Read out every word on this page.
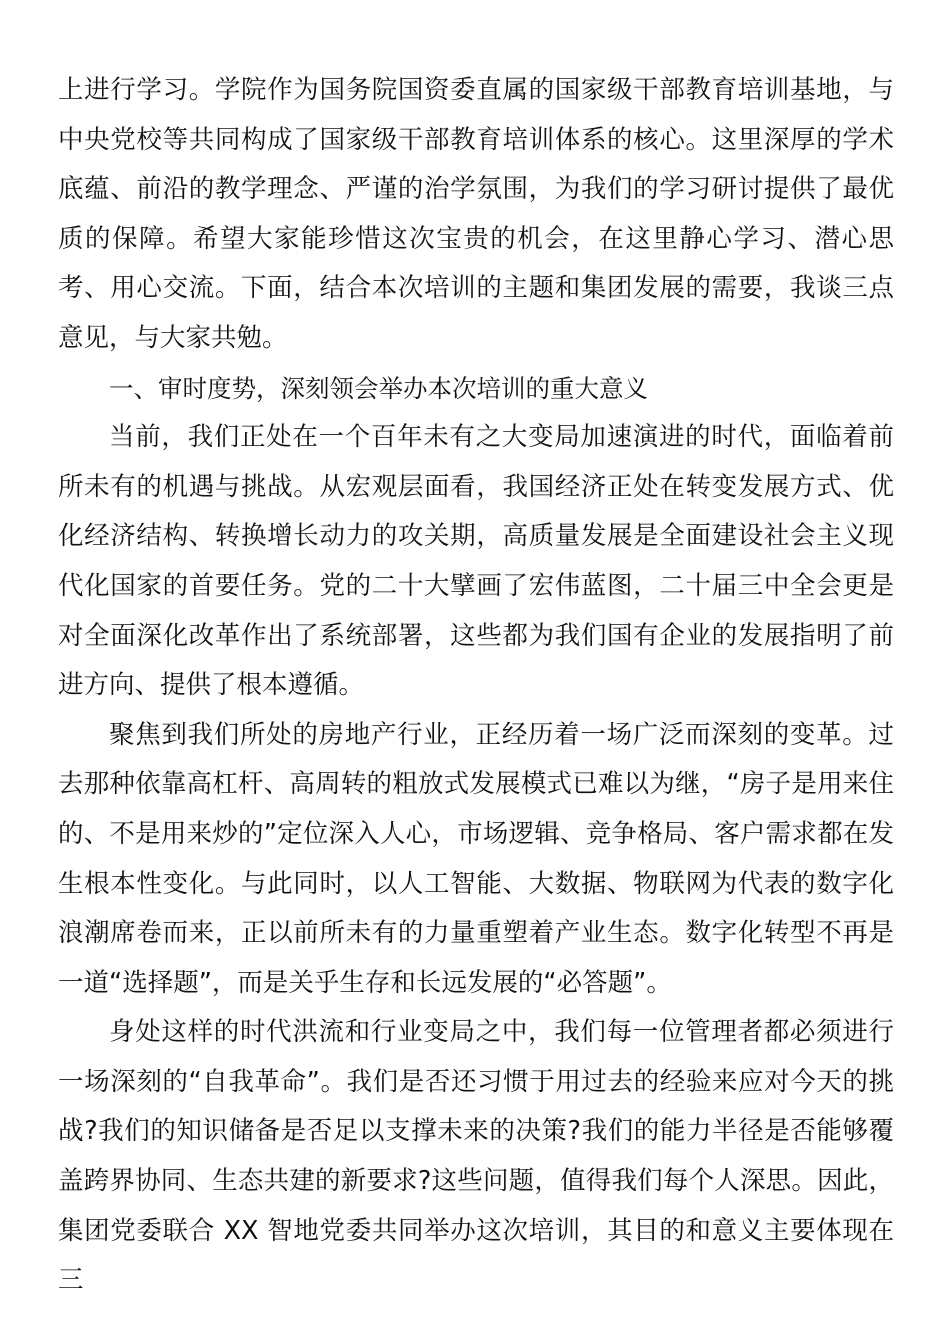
上进行学习。学院作为国务院国资委直属的国家级干部教育培训基地，与中央党校等共同构成了国家级干部教育培训体系的核心。这里深厚的学术底蕴、前沿的教学理念、严谨的治学氛围，为我们的学习研讨提供了最优质的保障。希望大家能珍惜这次宝贵的机会，在这里静心学习、潜心思考、用心交流。下面，结合本次培训的主题和集团发展的需要，我谈三点意见，与大家共勉。

一、审时度势，深刻领会举办本次培训的重大意义

当前，我们正处在一个百年未有之大变局加速演进的时代，面临着前所未有的机遇与挑战。从宏观层面看，我国经济正处在转变发展方式、优化经济结构、转换增长动力的攻关期，高质量发展是全面建设社会主义现代化国家的首要任务。党的二十大擘画了宏伟蓝图，二十届三中全会更是对全面深化改革作出了系统部署，这些都为我们国有企业的发展指明了前进方向、提供了根本遵循。

聚焦到我们所处的房地产行业，正经历着一场广泛而深刻的变革。过去那种依靠高杠杆、高周转的粗放式发展模式已难以为继，“房子是用来住的、不是用来炒的”定位深入人心，市场逻辑、竞争格局、客户需求都在发生根本性变化。与此同时，以人工智能、大数据、物联网为代表的数字化浪潮席卷而来，正以前所未有的力量重塑着产业生态。数字化转型不再是一道“选择题”，而是关乎生存和长远发展的“必答题”。

身处这样的时代洪流和行业变局之中，我们每一位管理者都必须进行一场深刻的“自我革命”。我们是否还习惯于用过去的经验来应对今天的挑战?我们的知识储备是否足以支撑未来的决策?我们的能力半径是否能够覆盖跨界协同、生态共建的新要求?这些问题，值得我们每个人深思。因此，集团党委联合 XX 智地党委共同举办这次培训，其目的和意义主要体现在三
